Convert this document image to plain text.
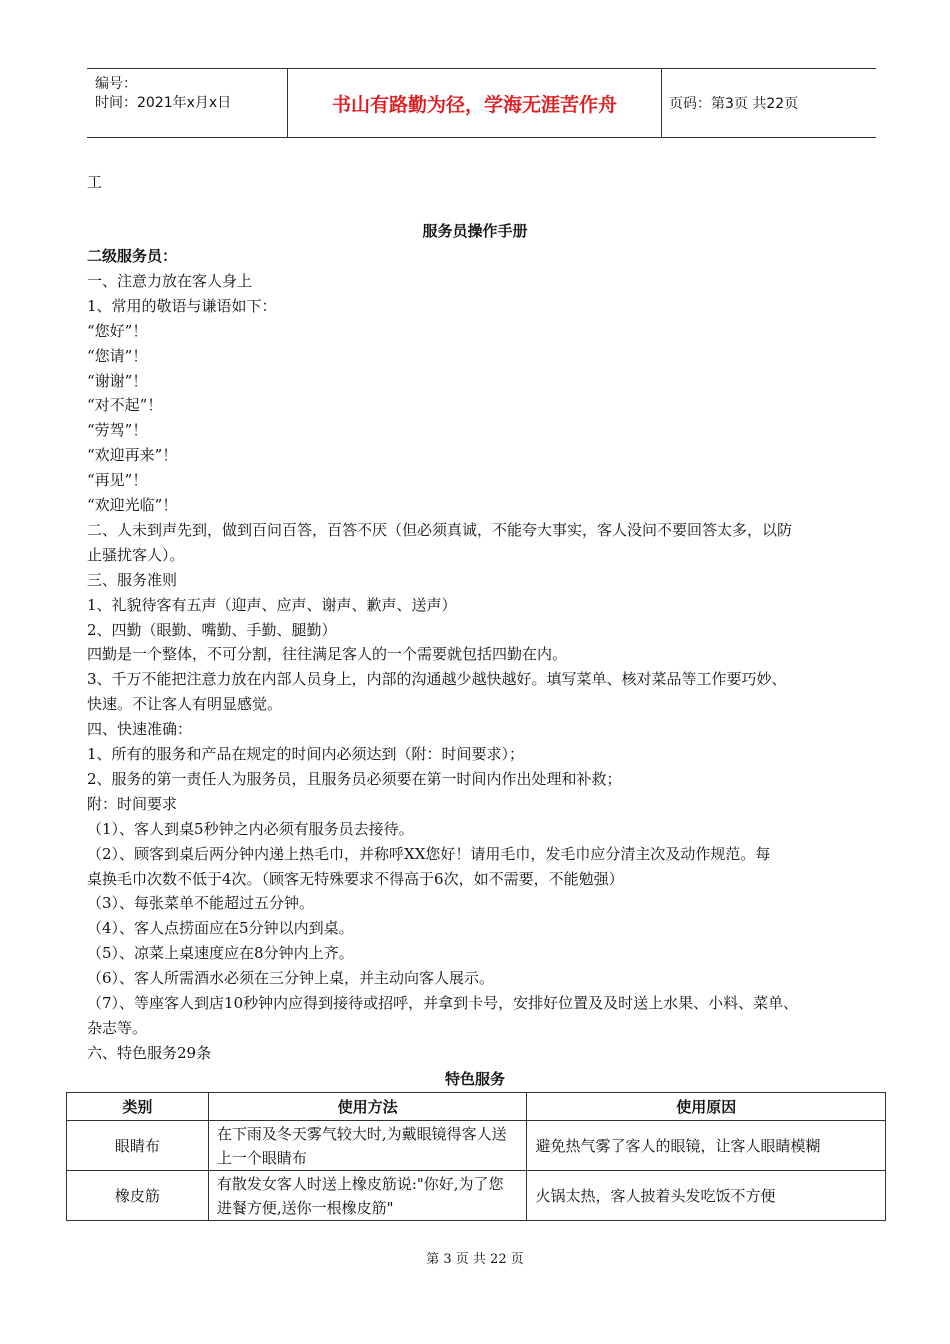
编号：
时间：2021年x月x日	书山有路勤为径，学海无涯苦作舟	页码：第3页 共22页
工
服务员操作手册
二级服务员：
一、注意力放在客人身上
1、常用的敬语与谦语如下：
“您好”！
“您请”！
“谢谢”！
“对不起”！
“劳驾”！
“欢迎再来”！
“再见”！
“欢迎光临”！
二、人未到声先到，做到百问百答，百答不厌（但必须真诚，不能夸大事实，客人没问不要回答太多，以防
止骚扰客人）。
三、服务准则
1、礼貌待客有五声（迎声、应声、谢声、歉声、送声）
2、四勤（眼勤、嘴勤、手勤、腿勤）
四勤是一个整体，不可分割，往往满足客人的一个需要就包括四勤在内。
3、千万不能把注意力放在内部人员身上，内部的沟通越少越快越好。填写菜单、核对菜品等工作要巧妙、
快速。不让客人有明显感觉。
四、快速准确：
1、所有的服务和产品在规定的时间内必须达到（附：时间要求）；
2、服务的第一责任人为服务员，且服务员必须要在第一时间内作出处理和补救；
附：时间要求
（1）、客人到桌5秒钟之内必须有服务员去接待。
（2）、顾客到桌后两分钟内递上热毛巾，并称呼XX您好！请用毛巾，发毛巾应分清主次及动作规范。每
桌换毛巾次数不低于4次。（顾客无特殊要求不得高于6次，如不需要，不能勉强）
（3）、每张菜单不能超过五分钟。
（4）、客人点捞面应在5分钟以内到桌。
（5）、凉菜上桌速度应在8分钟内上齐。
（6）、客人所需酒水必须在三分钟上桌，并主动向客人展示。
（7）、等座客人到店10秒钟内应得到接待或招呼，并拿到卡号，安排好位置及及时送上水果、小料、菜单、
杂志等。
六、特色服务29条
特色服务
类别	使用方法	使用原因
眼睛布	在下雨及冬天雾气较大时,为戴眼镜得客人送上一个眼睛布	避免热气雾了客人的眼镜，让客人眼睛模糊
橡皮筋	有散发女客人时送上橡皮筋说:"你好,为了您进餐方便,送你一根橡皮筋"	火锅太热，客人披着头发吃饭不方便
第 3 页 共 22 页
